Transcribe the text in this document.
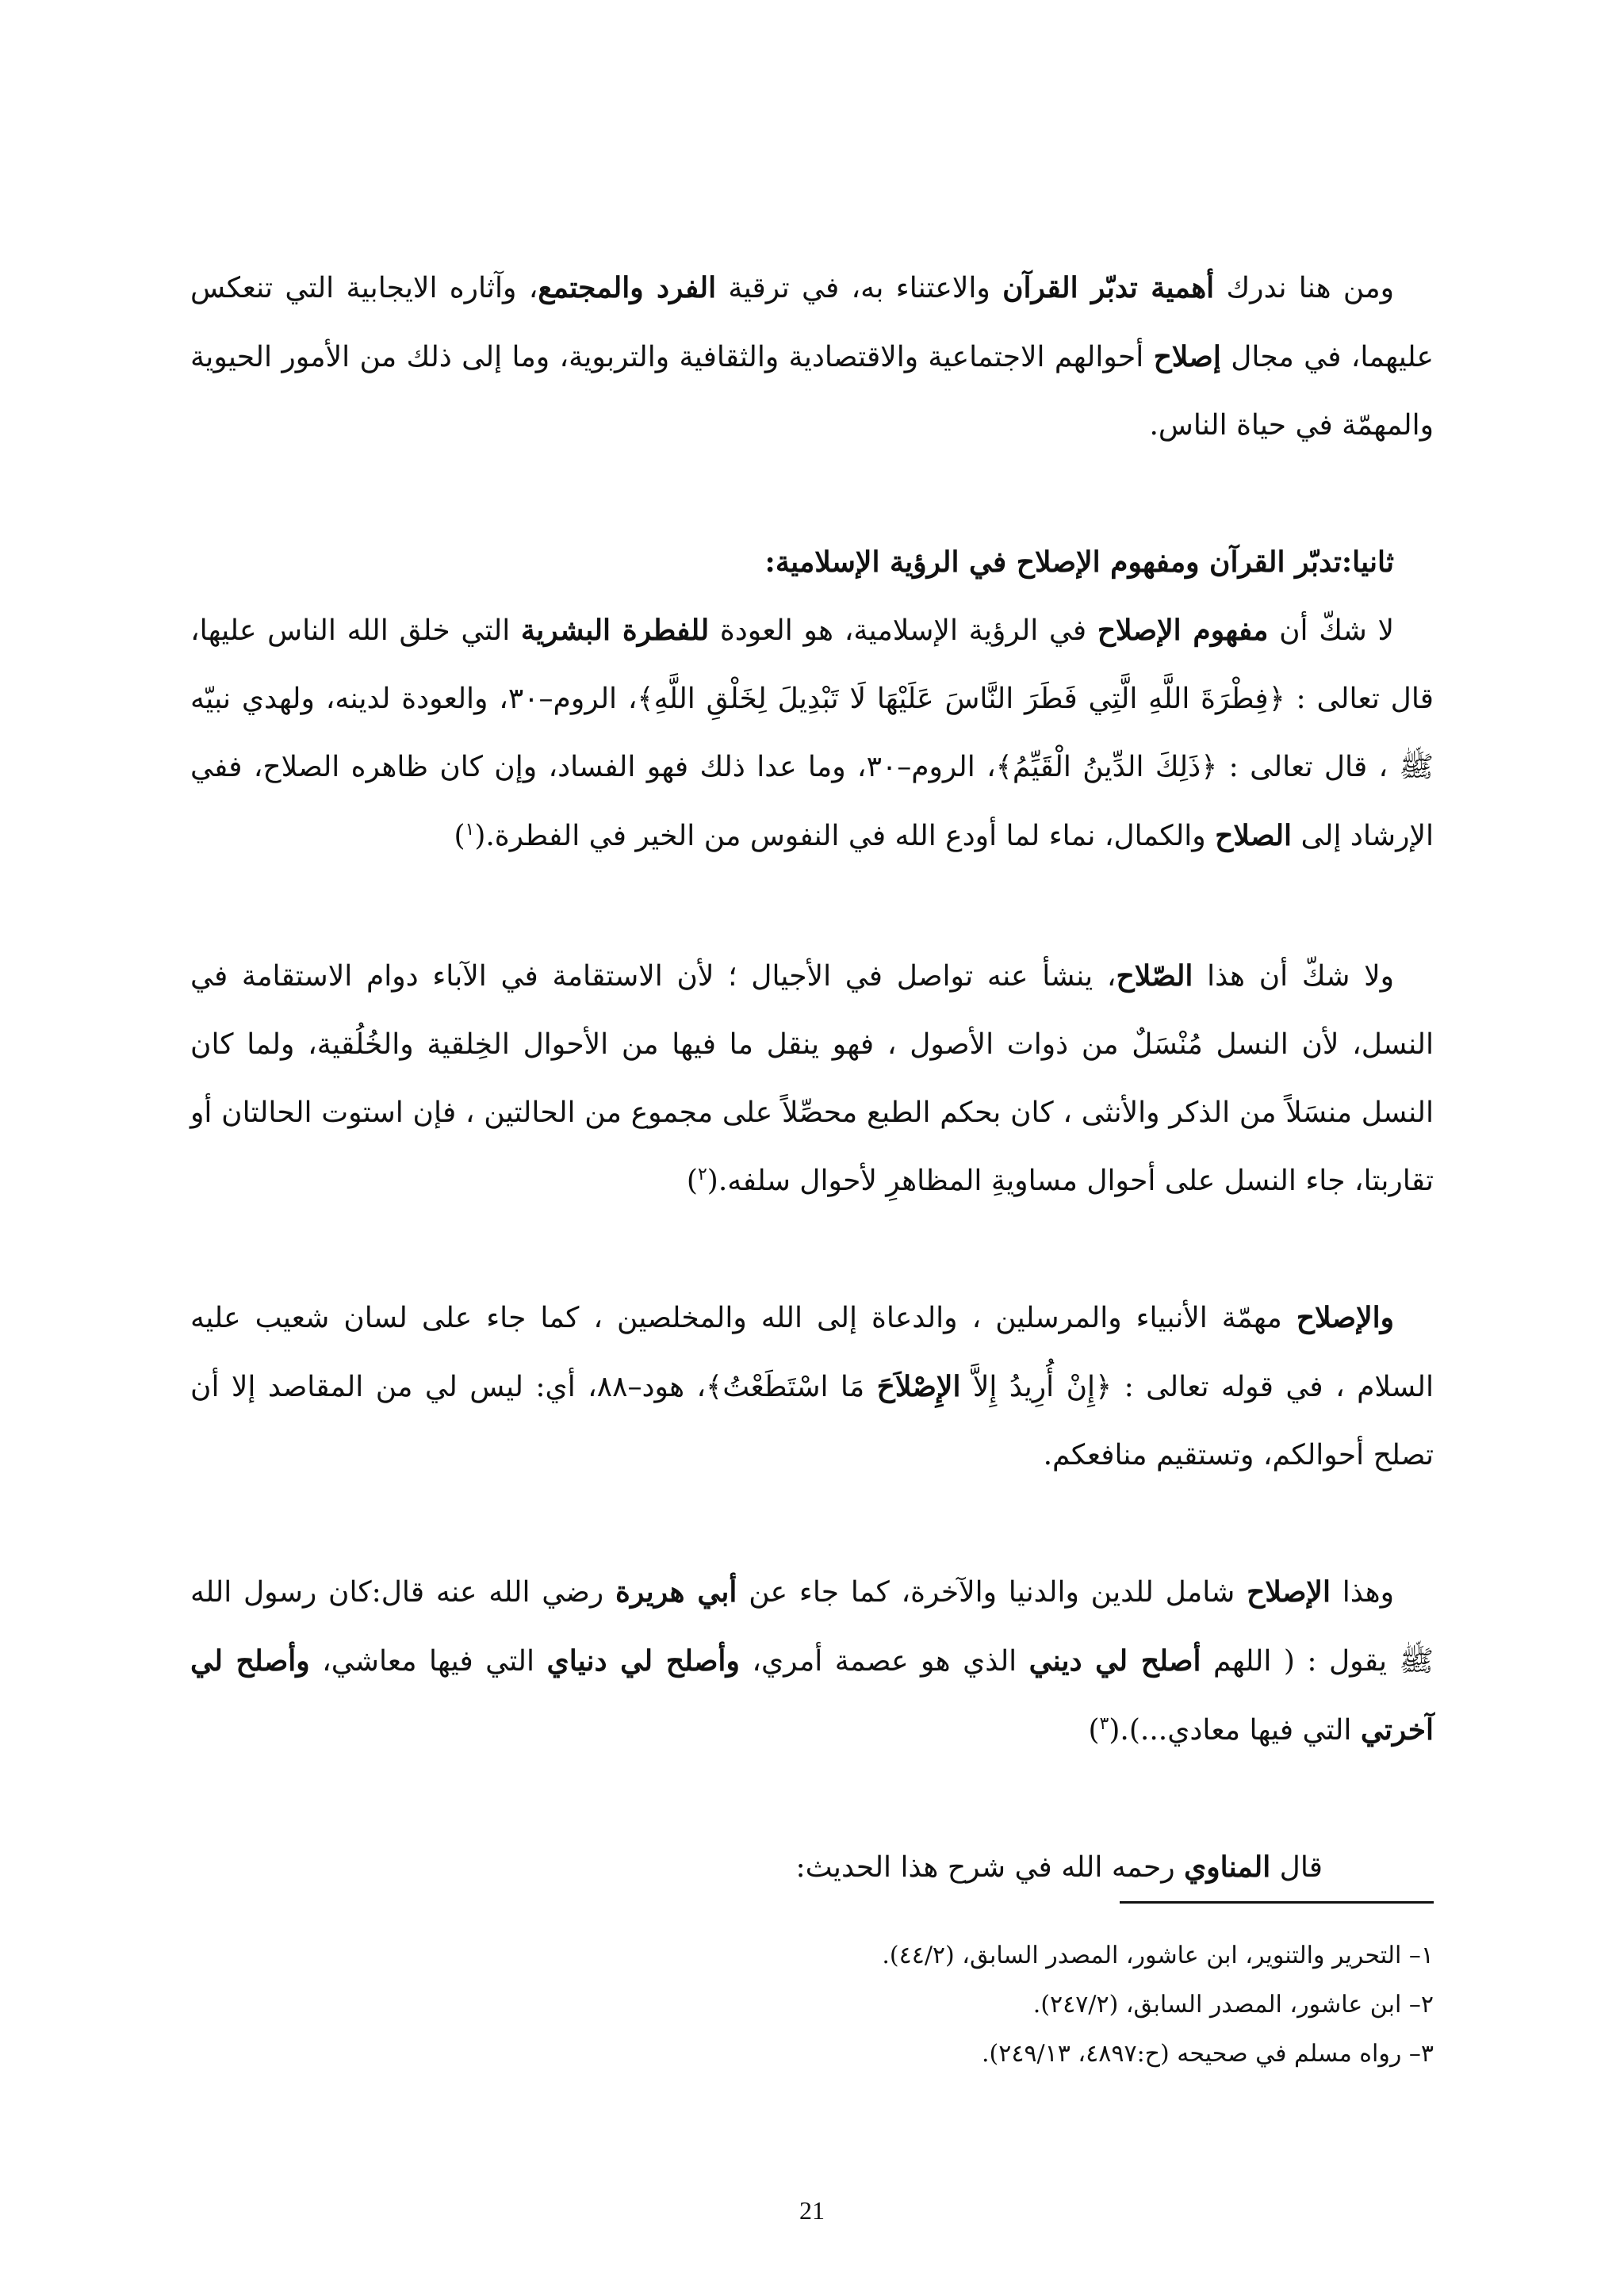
ومن هنا ندرك أهمية تدبّر القرآن والاعتناء به، في ترقية الفرد والمجتمع، وآثاره الايجابية التي تنعكس عليهما، في مجال إصلاح أحوالهم الاجتماعية والاقتصادية والثقافية والتربوية، وما إلى ذلك من الأمور الحيوية والمهمّة في حياة الناس.

ثانيا:تدبّر القرآن ومفهوم الإصلاح في الرؤية الإسلامية:

لا شكّ أن مفهوم الإصلاح في الرؤية الإسلامية، هو العودة للفطرة البشرية التي خلق الله الناس عليها، قال تعالى : ﴿فِطْرَةَ اللَّهِ الَّتِي فَطَرَ النَّاسَ عَلَيْهَا لَا تَبْدِيلَ لِخَلْقِ اللَّهِ﴾، الروم–٣٠، والعودة لدينه، ولهدي نبيّه ﷺ ، قال تعالى : ﴿ذَلِكَ الدِّينُ الْقَيِّمُ﴾، الروم–٣٠، وما عدا ذلك فهو الفساد، وإن كان ظاهره الصلاح، ففي الإرشاد إلى الصلاح والكمال، نماء لما أودع الله في النفوس من الخير في الفطرة.($^١$)

ولا شكّ أن هذا الصّلاح، ينشأ عنه تواصل في الأجيال ؛ لأن الاستقامة في الآباء دوام الاستقامة في النسل، لأن النسل مُنْسَلٌ من ذوات الأصول ، فهو ينقل ما فيها من الأحوال الخِلقية والخُلُقية، ولما كان النسل منسَلاً من الذكر والأنثى ، كان بحكم الطبع محصِّلاً على مجموع من الحالتين ، فإن استوت الحالتان أو تقاربتا، جاء النسل على أحوال مساويةِ المظاهرِ لأحوال سلفه.($^٢$)

والإصلاح مهمّة الأنبياء والمرسلين ، والدعاة إلى الله والمخلصين ، كما جاء على لسان شعيب عليه السلام ، في قوله تعالى : ﴿إِنْ أُرِيدُ إِلاَّ الإِصْلاَحَ مَا اسْتَطَعْتُ﴾، هود–٨٨، أي: ليس لي من المقاصد إلا أن تصلح أحوالكم، وتستقيم منافعكم.

وهذا الإصلاح شامل للدين والدنيا والآخرة، كما جاء عن أبي هريرة رضي الله عنه قال:كان رسول الله ﷺ يقول : ( اللهم أصلح لي ديني الذي هو عصمة أمري، وأصلح لي دنياي التي فيها معاشي، وأصلح لي آخرتي التي فيها معادي...).($^٣$)

قال المناوي رحمه الله في شرح هذا الحديث:

١– التحرير والتنوير، ابن عاشور، المصدر السابق، (٤٤/٢).
٢– ابن عاشور، المصدر السابق، (٢٤٧/٢).
٣– رواه مسلم في صحيحه (ح:٤٨٩٧، ٢٤٩/١٣).
21
